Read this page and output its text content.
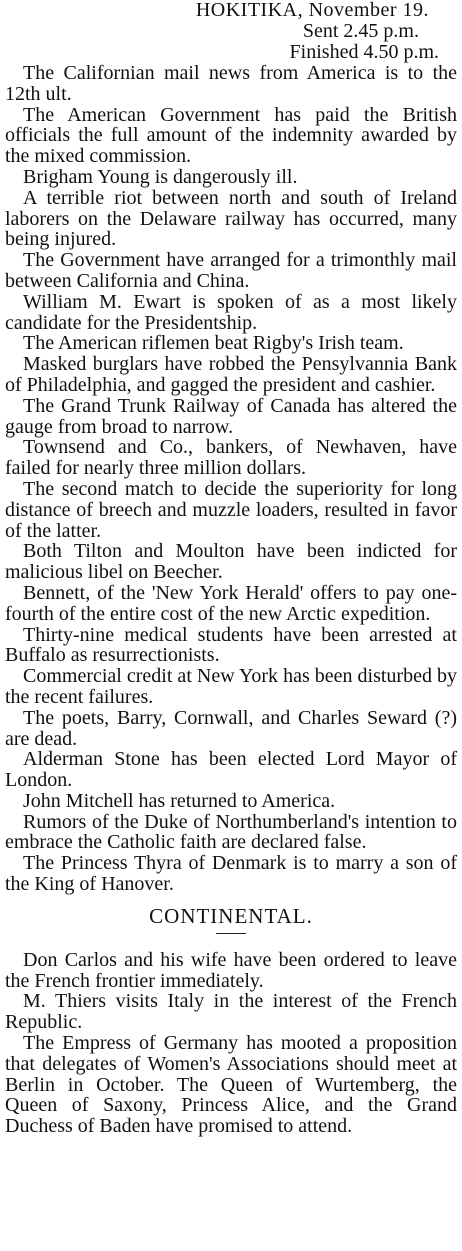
HOKITIKA, November 19.
Sent 2.45 p.m.
Finished 4.50 p.m.

The Californian mail news from America is to the 12th ult.

The American Government has paid the British officials the full amount of the indemnity awarded by the mixed commission.

Brigham Young is dangerously ill.

A terrible riot between north and south of Ireland laborers on the Delaware railway has occurred, many being injured.

The Government have arranged for a trimonthly mail between California and China.

William M. Ewart is spoken of as a most likely candidate for the Presidentship.

The American riflemen beat Rigby's Irish team.

Masked burglars have robbed the Pensylvannia Bank of Philadelphia, and gagged the president and cashier.

The Grand Trunk Railway of Canada has altered the gauge from broad to narrow.

Townsend and Co., bankers, of Newhaven, have failed for nearly three million dollars.

The second match to decide the superiority for long distance of breech and muzzle loaders, resulted in favor of the latter.

Both Tilton and Moulton have been indicted for malicious libel on Beecher.

Bennett, of the 'New York Herald' offers to pay one-fourth of the entire cost of the new Arctic expedition.

Thirty-nine medical students have been arrested at Buffalo as resurrectionists.

Commercial credit at New York has been disturbed by the recent failures.

The poets, Barry, Cornwall, and Charles Seward (?) are dead.

Alderman Stone has been elected Lord Mayor of London.

John Mitchell has returned to America.

Rumors of the Duke of Northumberland's intention to embrace the Catholic faith are declared false.

The Princess Thyra of Denmark is to marry a son of the King of Hanover.

CONTINENTAL.

Don Carlos and his wife have been ordered to leave the French frontier immediately.

M. Thiers visits Italy in the interest of the French Republic.

The Empress of Germany has mooted a proposition that delegates of Women's Associations should meet at Berlin in October. The Queen of Wurtemberg, the Queen of Saxony, Princess Alice, and the Grand Duchess of Baden have promised to attend.
